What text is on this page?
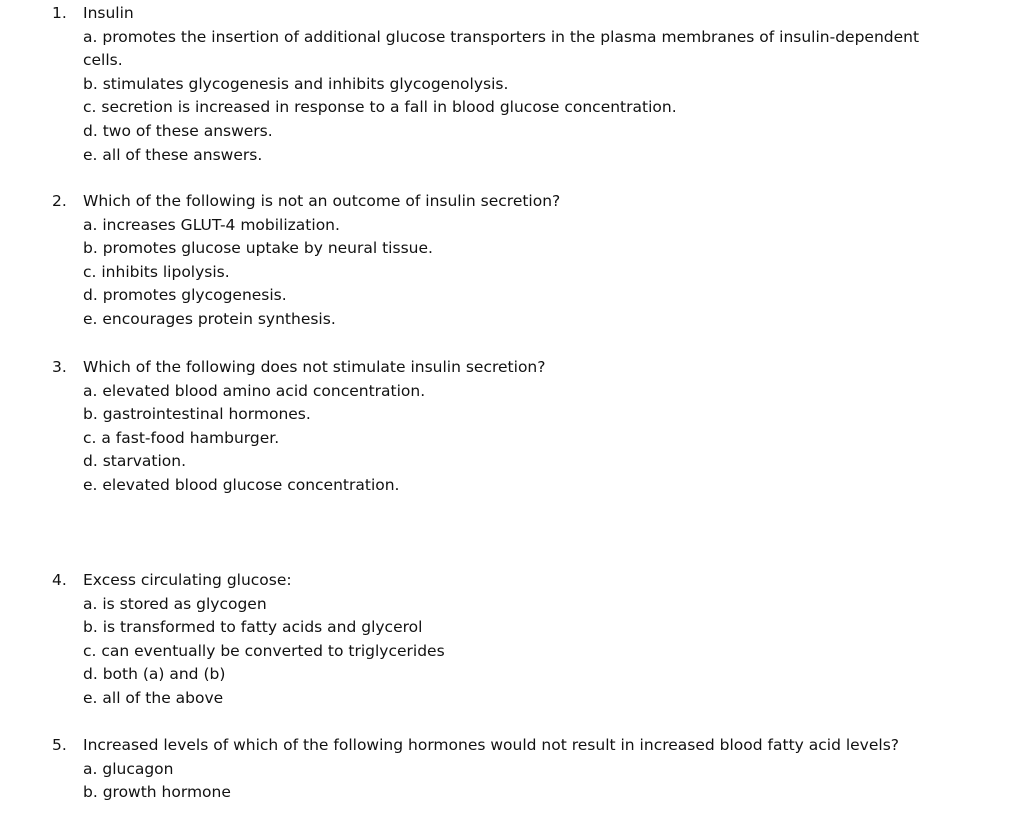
1. Insulin
a. promotes the insertion of additional glucose transporters in the plasma membranes of insulin-dependent cells.
b. stimulates glycogenesis and inhibits glycogenolysis.
c. secretion is increased in response to a fall in blood glucose concentration.
d. two of these answers.
e. all of these answers.
2. Which of the following is not an outcome of insulin secretion?
a. increases GLUT-4 mobilization.
b. promotes glucose uptake by neural tissue.
c. inhibits lipolysis.
d. promotes glycogenesis.
e. encourages protein synthesis.
3. Which of the following does not stimulate insulin secretion?
a. elevated blood amino acid concentration.
b. gastrointestinal hormones.
c. a fast-food hamburger.
d. starvation.
e. elevated blood glucose concentration.
4. Excess circulating glucose:
a. is stored as glycogen
b. is transformed to fatty acids and glycerol
c. can eventually be converted to triglycerides
d. both (a) and (b)
e. all of the above
5. Increased levels of which of the following hormones would not result in increased blood fatty acid levels?
a. glucagon
b. growth hormone
